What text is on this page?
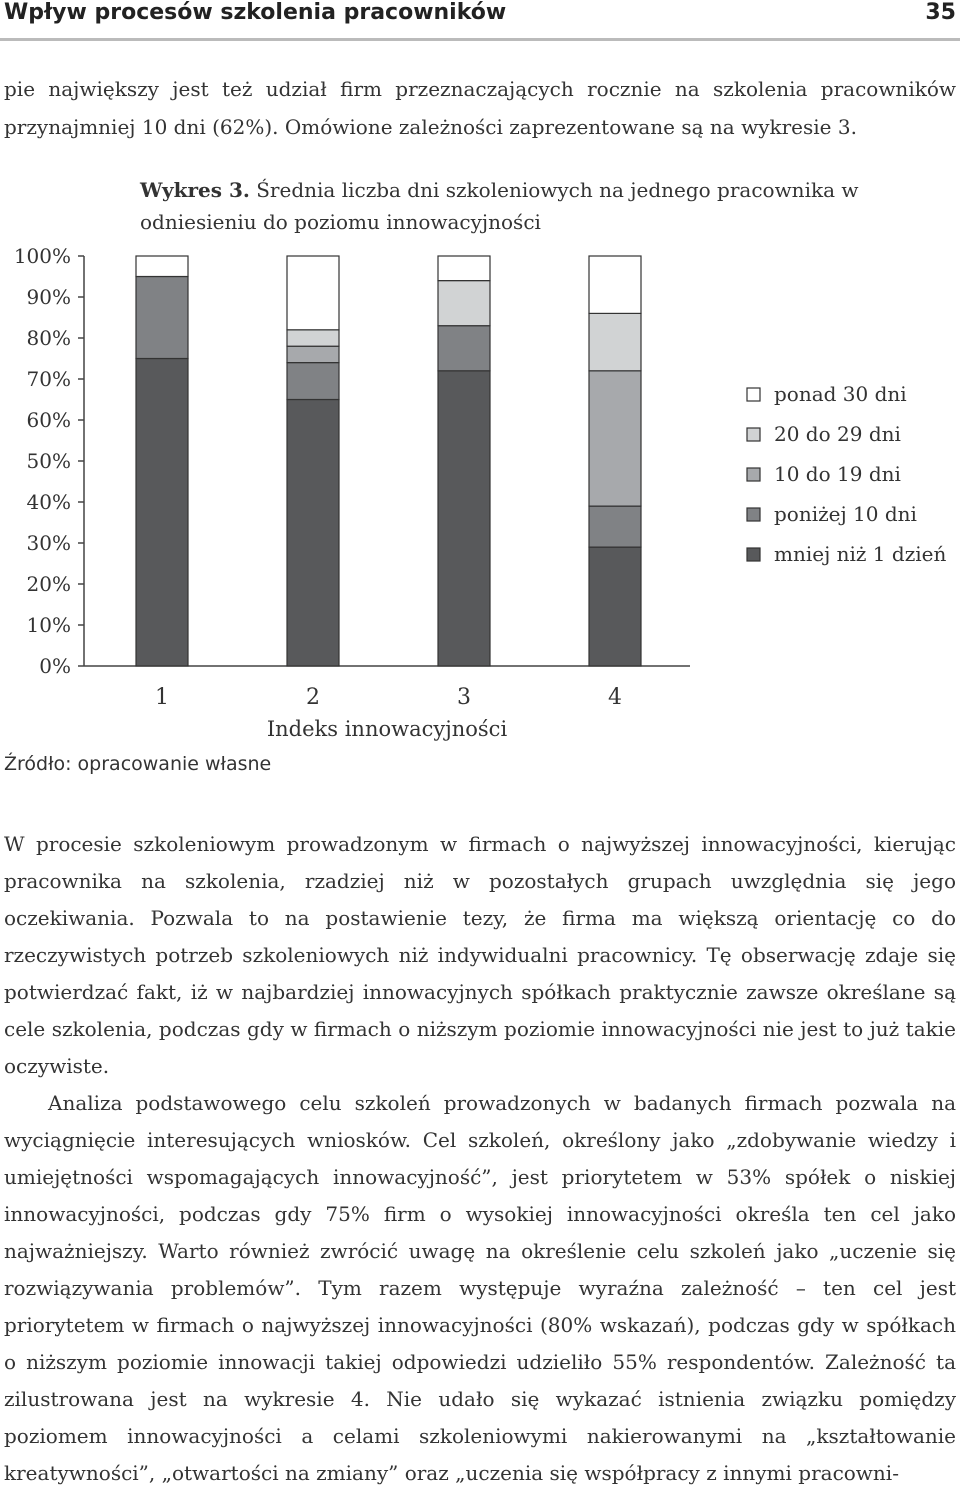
Wpływ procesów szkolenia pracowników	35

pie największy jest też udział firm przeznaczających rocznie na szkolenia pracowników przynajmniej 10 dni (62%). Omówione zależności zaprezentowane są na wykresie 3.

Wykres 3. Średnia liczba dni szkoleniowych na jednego pracownika w odniesieniu do poziomu innowacyjności
0%
10%
20%
30%
40%
50%
60%
70%
80%
90%
100%
1	2	3	4
Indeks innowacyjności
ponad 30 dni
20 do 29 dni
10 do 19 dni
poniżej 10 dni
mniej niż 1 dzień
Źródło: opracowanie własne

W procesie szkoleniowym prowadzonym w firmach o najwyższej innowacyjności, kierując pracownika na szkolenia, rzadziej niż w pozostałych grupach uwzględnia się jego oczekiwania. Pozwala to na postawienie tezy, że firma ma większą orientację co do rzeczywistych potrzeb szkoleniowych niż indywidualni pracownicy. Tę obserwację zdaje się potwierdzać fakt, iż w najbardziej innowacyjnych spółkach praktycznie zawsze określane są cele szkolenia, podczas gdy w firmach o niższym poziomie innowacyjności nie jest to już takie oczywiste.

Analiza podstawowego celu szkoleń prowadzonych w badanych firmach pozwala na wyciągnięcie interesujących wniosków. Cel szkoleń, określony jako „zdobywanie wiedzy i umiejętności wspomagających innowacyjność”, jest priorytetem w 53% spółek o niskiej innowacyjności, podczas gdy 75% firm o wysokiej innowacyjności określa ten cel jako najważniejszy. Warto również zwrócić uwagę na określenie celu szkoleń jako „uczenie się rozwiązywania problemów”. Tym razem występuje wyraźna zależność – ten cel jest priorytetem w firmach o najwyższej innowacyjności (80% wskazań), podczas gdy w spółkach o niższym poziomie innowacji takiej odpowiedzi udzieliło 55% respondentów. Zależność ta zilustrowana jest na wykresie 4. Nie udało się wykazać istnienia związku pomiędzy poziomem innowacyjności a celami szkoleniowymi nakierowanymi na „kształtowanie kreatywności”, „otwartości na zmiany” oraz „uczenia się współpracy z innymi pracowni-
